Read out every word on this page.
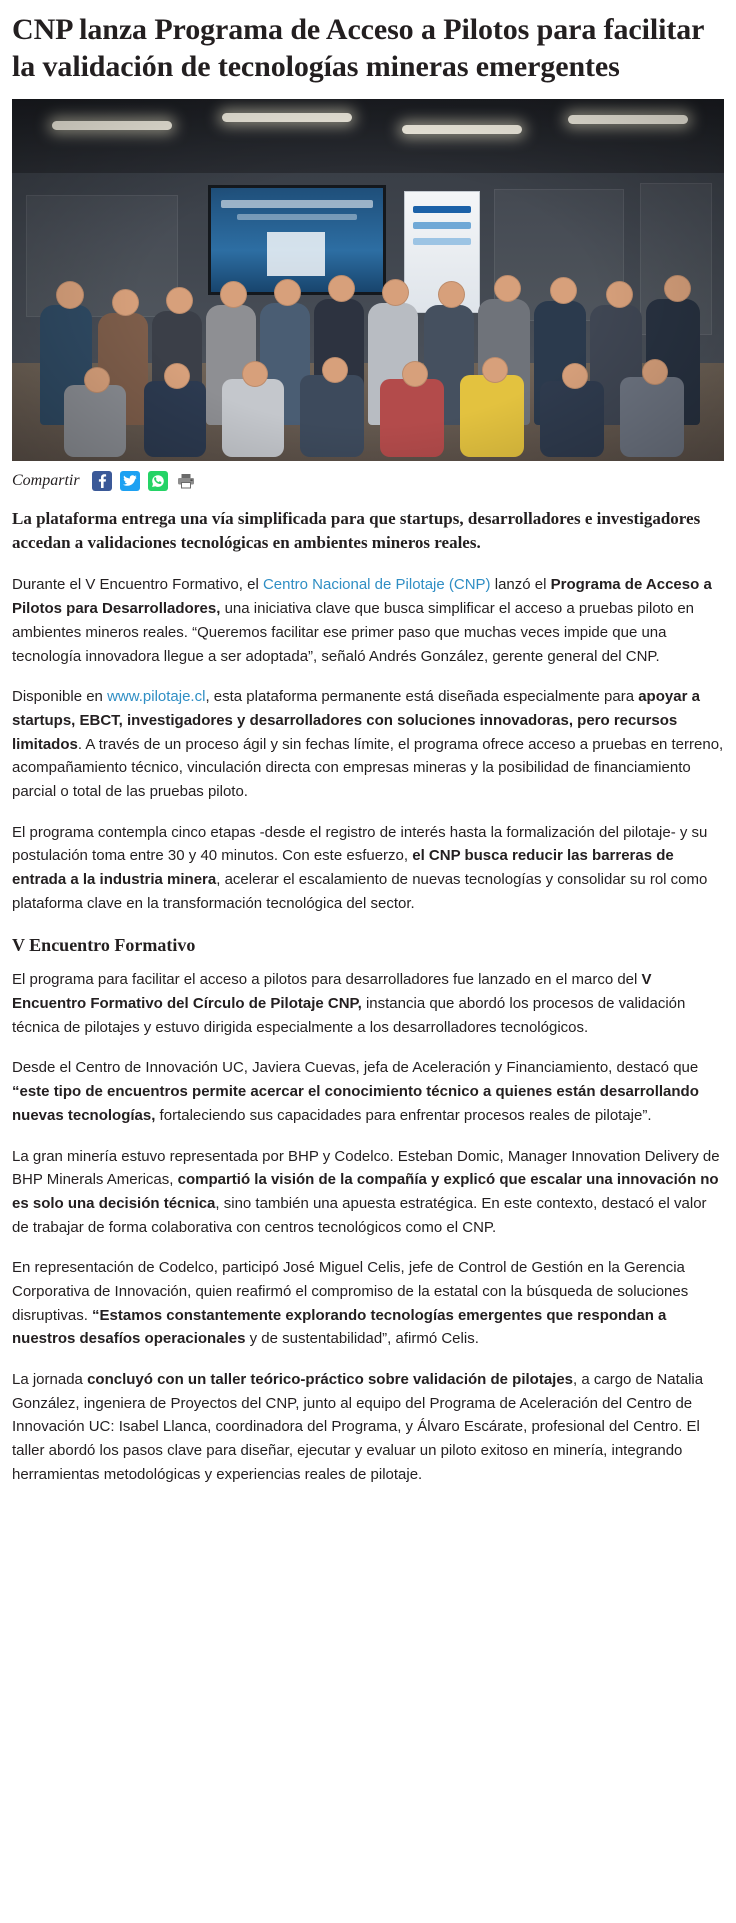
CNP lanza Programa de Acceso a Pilotos para facilitar la validación de tecnologías mineras emergentes
Compartir

La plataforma entrega una vía simplificada para que startups, desarrolladores e investigadores accedan a validaciones tecnológicas en ambientes mineros reales.

Durante el V Encuentro Formativo, el Centro Nacional de Pilotaje (CNP) lanzó el Programa de Acceso a Pilotos para Desarrolladores, una iniciativa clave que busca simplificar el acceso a pruebas piloto en ambientes mineros reales. “Queremos facilitar ese primer paso que muchas veces impide que una tecnología innovadora llegue a ser adoptada”, señaló Andrés González, gerente general del CNP.

Disponible en www.pilotaje.cl, esta plataforma permanente está diseñada especialmente para apoyar a startups, EBCT, investigadores y desarrolladores con soluciones innovadoras, pero recursos limitados. A través de un proceso ágil y sin fechas límite, el programa ofrece acceso a pruebas en terreno, acompañamiento técnico, vinculación directa con empresas mineras y la posibilidad de financiamiento parcial o total de las pruebas piloto.

El programa contempla cinco etapas -desde el registro de interés hasta la formalización del pilotaje- y su postulación toma entre 30 y 40 minutos. Con este esfuerzo, el CNP busca reducir las barreras de entrada a la industria minera, acelerar el escalamiento de nuevas tecnologías y consolidar su rol como plataforma clave en la transformación tecnológica del sector.

V Encuentro Formativo

El programa para facilitar el acceso a pilotos para desarrolladores fue lanzado en el marco del V Encuentro Formativo del Círculo de Pilotaje CNP, instancia que abordó los procesos de validación técnica de pilotajes y estuvo dirigida especialmente a los desarrolladores tecnológicos.

Desde el Centro de Innovación UC, Javiera Cuevas, jefa de Aceleración y Financiamiento, destacó que “este tipo de encuentros permite acercar el conocimiento técnico a quienes están desarrollando nuevas tecnologías, fortaleciendo sus capacidades para enfrentar procesos reales de pilotaje”.

La gran minería estuvo representada por BHP y Codelco. Esteban Domic, Manager Innovation Delivery de BHP Minerals Americas, compartió la visión de la compañía y explicó que escalar una innovación no es solo una decisión técnica, sino también una apuesta estratégica. En este contexto, destacó el valor de trabajar de forma colaborativa con centros tecnológicos como el CNP.

En representación de Codelco, participó José Miguel Celis, jefe de Control de Gestión en la Gerencia Corporativa de Innovación, quien reafirmó el compromiso de la estatal con la búsqueda de soluciones disruptivas. “Estamos constantemente explorando tecnologías emergentes que respondan a nuestros desafíos operacionales y de sustentabilidad”, afirmó Celis.

La jornada concluyó con un taller teórico-práctico sobre validación de pilotajes, a cargo de Natalia González, ingeniera de Proyectos del CNP, junto al equipo del Programa de Aceleración del Centro de Innovación UC: Isabel Llanca, coordinadora del Programa, y Álvaro Escárate, profesional del Centro. El taller abordó los pasos clave para diseñar, ejecutar y evaluar un piloto exitoso en minería, integrando herramientas metodológicas y experiencias reales de pilotaje.
